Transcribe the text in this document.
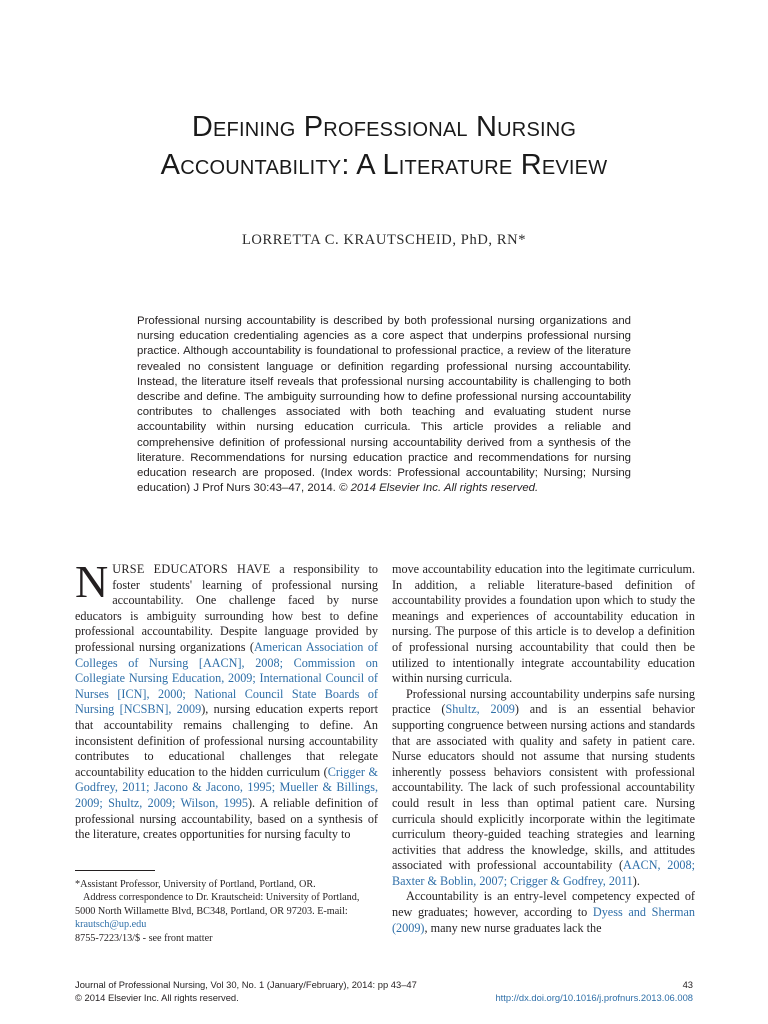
Defining Professional Nursing
Accountability: A Literature Review
LORRETTA C. KRAUTSCHEID, PhD, RN*
Professional nursing accountability is described by both professional nursing organizations and nursing education credentialing agencies as a core aspect that underpins professional nursing practice. Although accountability is foundational to professional practice, a review of the literature revealed no consistent language or definition regarding professional nursing accountability. Instead, the literature itself reveals that professional nursing accountability is challenging to both describe and define. The ambiguity surrounding how to define professional nursing accountability contributes to challenges associated with both teaching and evaluating student nurse accountability within nursing education curricula. This article provides a reliable and comprehensive definition of professional nursing accountability derived from a synthesis of the literature. Recommendations for nursing education practice and recommendations for nursing education research are proposed. (Index words: Professional accountability; Nursing; Nursing education) J Prof Nurs 30:43–47, 2014. © 2014 Elsevier Inc. All rights reserved.

NURSE EDUCATORS HAVE a responsibility to foster students' learning of professional nursing accountability. One challenge faced by nurse educators is ambiguity surrounding how best to define professional accountability. Despite language provided by professional nursing organizations (American Association of Colleges of Nursing [AACN], 2008; Commission on Collegiate Nursing Education, 2009; International Council of Nurses [ICN], 2000; National Council State Boards of Nursing [NCSBN], 2009), nursing education experts report that accountability remains challenging to define. An inconsistent definition of professional nursing accountability contributes to educational challenges that relegate accountability education to the hidden curriculum (Crigger & Godfrey, 2011; Jacono & Jacono, 1995; Mueller & Billings, 2009; Shultz, 2009; Wilson, 1995). A reliable definition of professional nursing accountability, based on a synthesis of the literature, creates opportunities for nursing faculty to

move accountability education into the legitimate curriculum. In addition, a reliable literature-based definition of accountability provides a foundation upon which to study the meanings and experiences of accountability education in nursing. The purpose of this article is to develop a definition of professional nursing accountability that could then be utilized to intentionally integrate accountability education within nursing curricula.

Professional nursing accountability underpins safe nursing practice (Shultz, 2009) and is an essential behavior supporting congruence between nursing actions and standards that are associated with quality and safety in patient care. Nurse educators should not assume that nursing students inherently possess behaviors consistent with professional accountability. The lack of such professional accountability could result in less than optimal patient care. Nursing curricula should explicitly incorporate within the legitimate curriculum theory-guided teaching strategies and learning activities that address the knowledge, skills, and attitudes associated with professional accountability (AACN, 2008; Baxter & Boblin, 2007; Crigger & Godfrey, 2011).

Accountability is an entry-level competency expected of new graduates; however, according to Dyess and Sherman (2009), many new nurse graduates lack the

*Assistant Professor, University of Portland, Portland, OR.
Address correspondence to Dr. Krautscheid: University of Portland, 5000 North Willamette Blvd, BC348, Portland, OR 97203. E-mail: krautsch@up.edu
8755-7223/13/$ - see front matter
Journal of Professional Nursing, Vol 30, No. 1 (January/February), 2014: pp 43–47
© 2014 Elsevier Inc. All rights reserved.
43
http://dx.doi.org/10.1016/j.profnurs.2013.06.008
